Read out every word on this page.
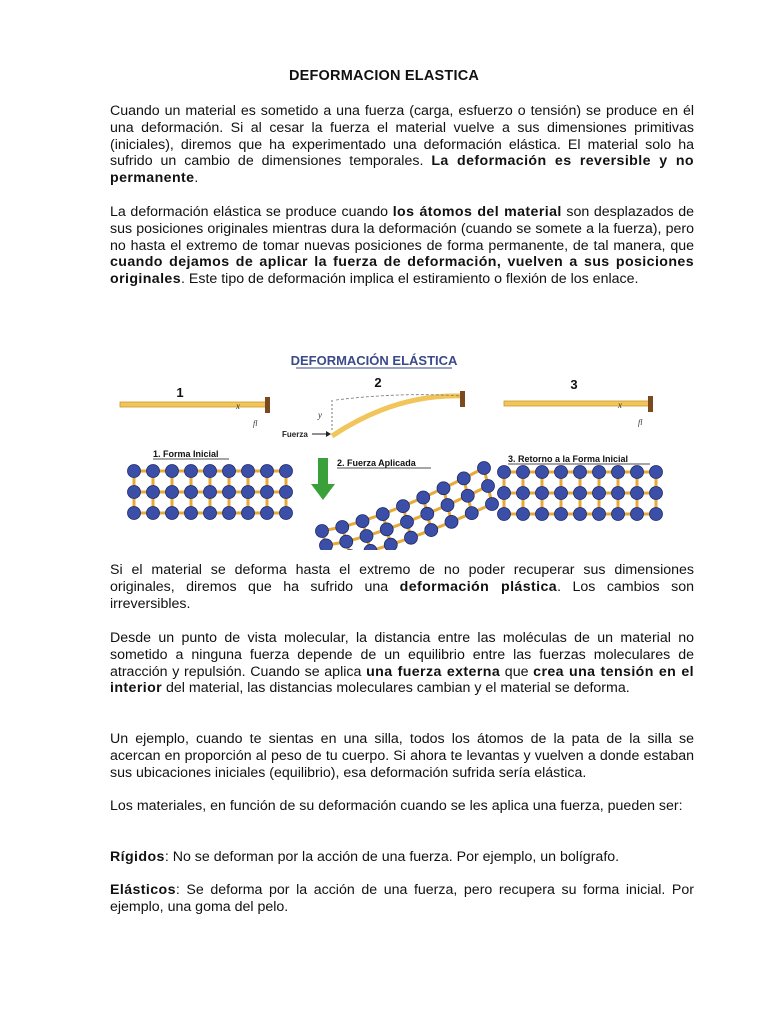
DEFORMACION ELASTICA

Cuando un material es sometido a una fuerza (carga, esfuerzo o tensión) se produce en él una deformación. Si al cesar la fuerza el material vuelve a sus dimensiones primitivas (iniciales), diremos que ha experimentado una deformación elástica. El material solo ha sufrido un cambio de dimensiones temporales. La deformación es reversible y no permanente.

La deformación elástica se produce cuando los átomos del material son desplazados de sus posiciones originales mientras dura la deformación (cuando se somete a la fuerza), pero no hasta el extremo de tomar nuevas posiciones de forma permanente, de tal manera, que cuando dejamos de aplicar la fuerza de deformación, vuelven a sus posiciones originales. Este tipo de deformación implica el estiramiento o flexión de los enlace.

DEFORMACIÓN ELÁSTICA
1
x
fl
2
y
Fuerza
3
x
fl
1. Forma Inicial
2. Fuerza Aplicada	3. Retorno a la Forma Inicial

Si el material se deforma hasta el extremo de no poder recuperar sus dimensiones originales, diremos que ha sufrido una deformación plástica. Los cambios son irreversibles.

Desde un punto de vista molecular, la distancia entre las moléculas de un material no sometido a ninguna fuerza depende de un equilibrio entre las fuerzas moleculares de atracción y repulsión. Cuando se aplica una fuerza externa que crea una tensión en el interior del material, las distancias moleculares cambian y el material se deforma.

Un ejemplo, cuando te sientas en una silla, todos los átomos de la pata de la silla se acercan en proporción al peso de tu cuerpo. Si ahora te levantas y vuelven a donde estaban sus ubicaciones iniciales (equilibrio), esa deformación sufrida sería elástica.

Los materiales, en función de su deformación cuando se les aplica una fuerza, pueden ser:

Rígidos: No se deforman por la acción de una fuerza. Por ejemplo, un bolígrafo.

Elásticos: Se deforma por la acción de una fuerza, pero recupera su forma inicial. Por ejemplo, una goma del pelo.
